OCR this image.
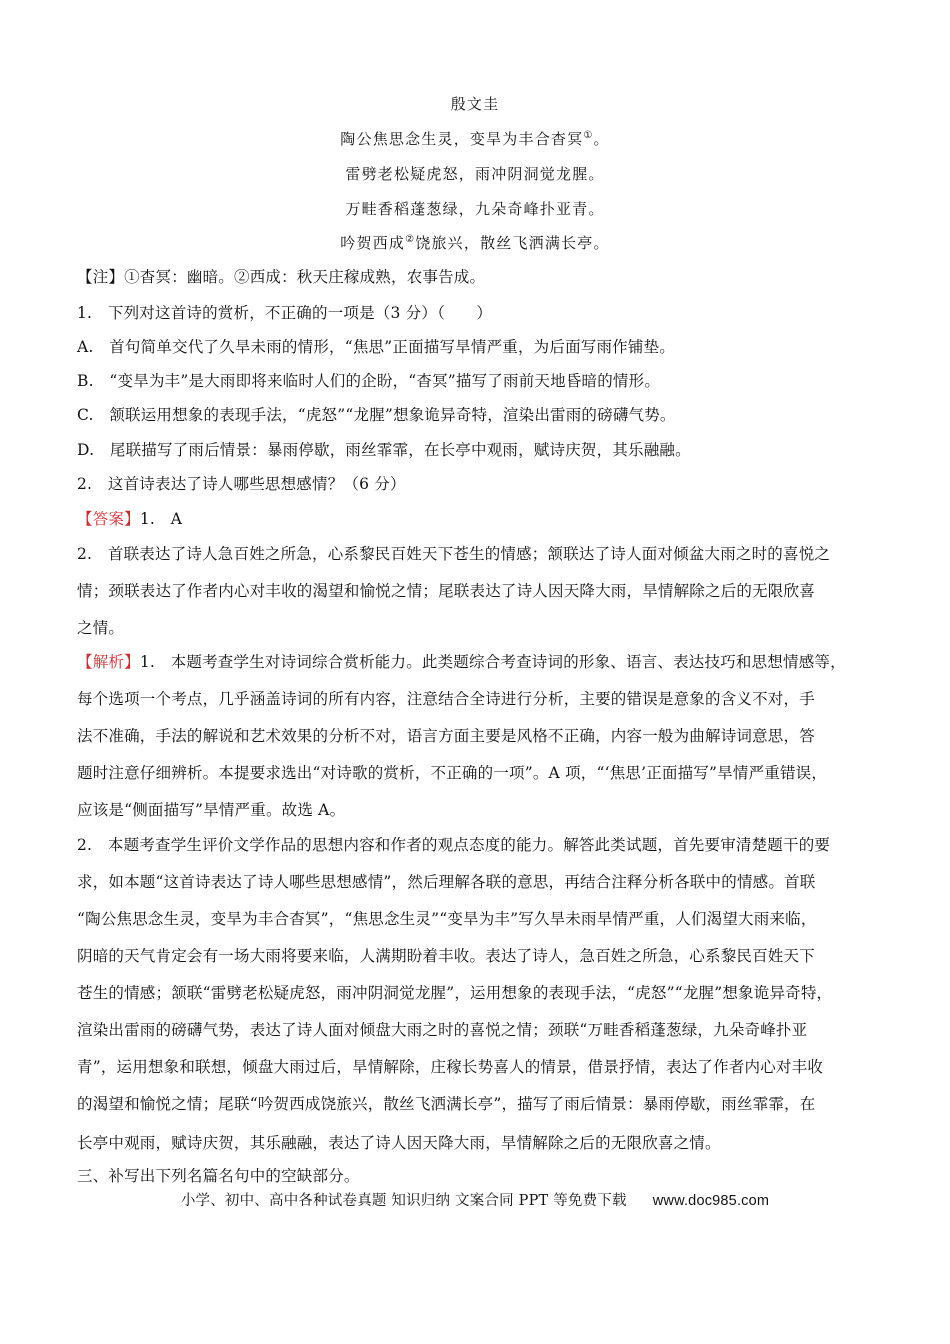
殷文圭
陶公焦思念生灵，变旱为丰合杳冥①。
雷劈老松疑虎怒，雨冲阴洞觉龙腥。
万畦香稻蓬葱绿，九朵奇峰扑亚青。
吟贺西成②饶旅兴，散丝飞洒满长亭。
【注】①杳冥：幽暗。②西成：秋天庄稼成熟，农事告成。
1.　下列对这首诗的赏析，不正确的一项是（3 分）（　　）
A.　首句简单交代了久旱未雨的情形，“焦思”正面描写旱情严重，为后面写雨作铺垫。
B.　“变旱为丰”是大雨即将来临时人们的企盼，“杳冥”描写了雨前天地昏暗的情形。
C.　颔联运用想象的表现手法，“虎怒”“龙腥”想象诡异奇特，渲染出雷雨的磅礴气势。
D.　尾联描写了雨后情景：暴雨停歇，雨丝霏霏，在长亭中观雨，赋诗庆贺，其乐融融。
2.　这首诗表达了诗人哪些思想感情？（6 分）
【答案】1.　A
2.　首联表达了诗人急百姓之所急，心系黎民百姓天下苍生的情感；颔联达了诗人面对倾盆大雨之时的喜悦之
情；颈联表达了作者内心对丰收的渴望和愉悦之情；尾联表达了诗人因天降大雨，旱情解除之后的无限欣喜
之情。
【解析】1.　本题考查学生对诗词综合赏析能力。此类题综合考查诗词的形象、语言、表达技巧和思想情感等，
每个选项一个考点，几乎涵盖诗词的所有内容，注意结合全诗进行分析，主要的错误是意象的含义不对，手
法不准确，手法的解说和艺术效果的分析不对，语言方面主要是风格不正确，内容一般为曲解诗词意思，答
题时注意仔细辨析。本提要求选出“对诗歌的赏析，不正确的一项”。A 项，“‘焦思’正面描写”旱情严重错误，
应该是“侧面描写”旱情严重。故选 A。
2.　本题考查学生评价文学作品的思想内容和作者的观点态度的能力。解答此类试题，首先要审清楚题干的要
求，如本题“这首诗表达了诗人哪些思想感情”，然后理解各联的意思，再结合注释分析各联中的情感。首联
“陶公焦思念生灵，变旱为丰合杳冥”，“焦思念生灵”“变旱为丰”写久旱未雨旱情严重，人们渴望大雨来临，
阴暗的天气肯定会有一场大雨将要来临，人满期盼着丰收。表达了诗人，急百姓之所急，心系黎民百姓天下
苍生的情感；颔联“雷劈老松疑虎怒，雨冲阴洞觉龙腥”，运用想象的表现手法，“虎怒”“龙腥”想象诡异奇特，
渲染出雷雨的磅礴气势，表达了诗人面对倾盘大雨之时的喜悦之情；颈联“万畦香稻蓬葱绿，九朵奇峰扑亚
青”，运用想象和联想，倾盘大雨过后，旱情解除，庄稼长势喜人的情景，借景抒情，表达了作者内心对丰收
的渴望和愉悦之情；尾联“吟贺西成饶旅兴，散丝飞洒满长亭”，描写了雨后情景：暴雨停歇，雨丝霏霏，在
长亭中观雨，赋诗庆贺，其乐融融，表达了诗人因天降大雨，旱情解除之后的无限欣喜之情。
三、补写出下列名篇名句中的空缺部分。
小学、初中、高中各种试卷真题 知识归纳 文案合同 PPT 等免费下载 www.doc985.com
